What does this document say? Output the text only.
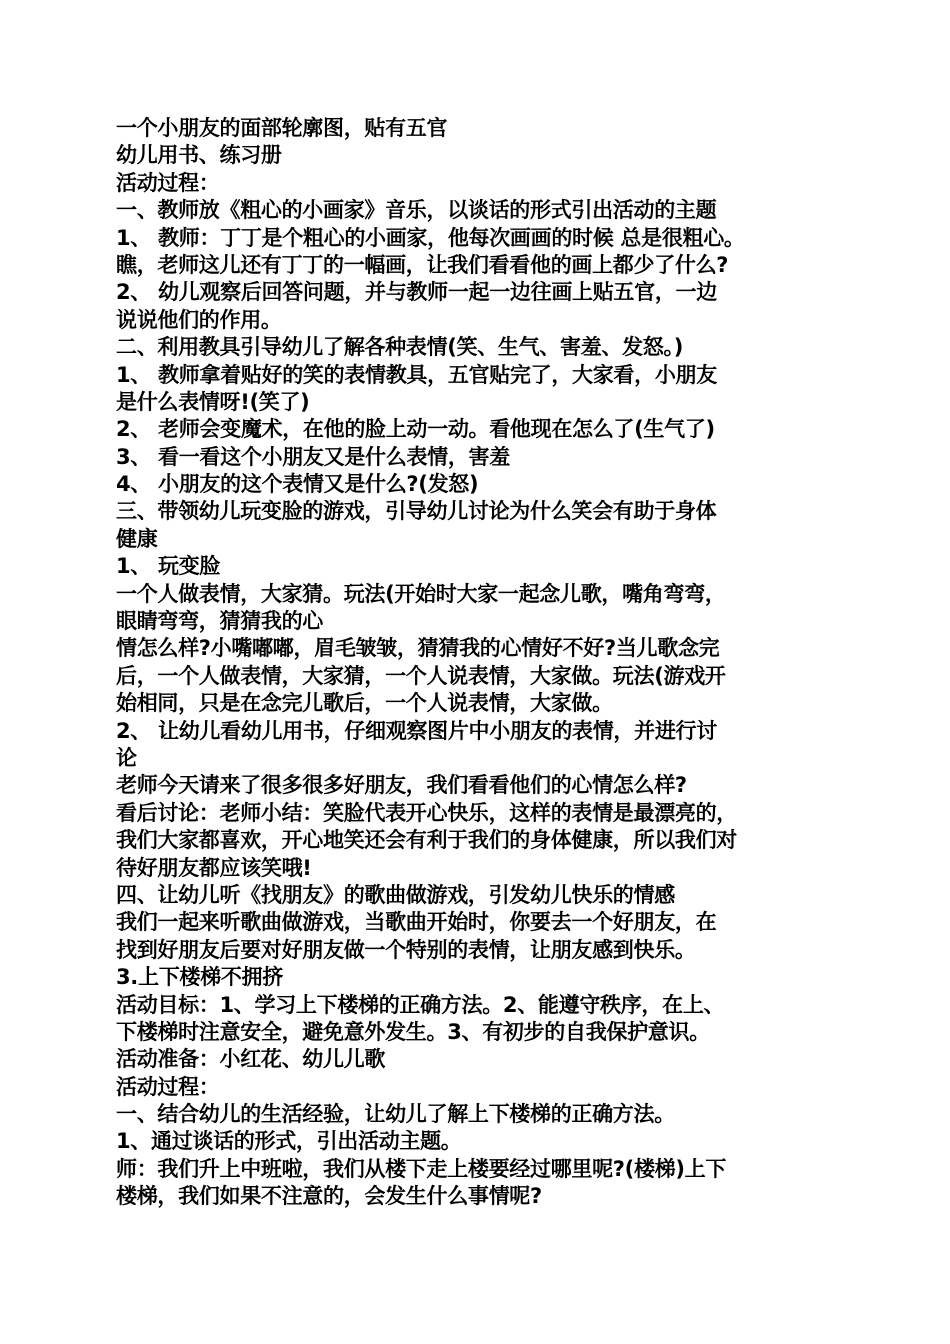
一个小朋友的面部轮廓图，贴有五官
幼儿用书、练习册
活动过程：
一、教师放《粗心的小画家》音乐，以谈话的形式引出活动的主题
1、 教师：丁丁是个粗心的小画家，他每次画画的时候 总是很粗心。
瞧，老师这儿还有丁丁的一幅画，让我们看看他的画上都少了什么?
2、 幼儿观察后回答问题，并与教师一起一边往画上贴五官，一边
说说他们的作用。
二、利用教具引导幼儿了解各种表情(笑、生气、害羞、发怒。)
1、 教师拿着贴好的笑的表情教具，五官贴完了，大家看，小朋友
是什么表情呀!(笑了)
2、 老师会变魔术，在他的脸上动一动。看他现在怎么了(生气了)
3、 看一看这个小朋友又是什么表情，害羞
4、 小朋友的这个表情又是什么?(发怒)
三、带领幼儿玩变脸的游戏，引导幼儿讨论为什么笑会有助于身体
健康
1、 玩变脸
一个人做表情，大家猜。玩法(开始时大家一起念儿歌，嘴角弯弯，
眼睛弯弯，猜猜我的心
情怎么样?小嘴嘟嘟，眉毛皱皱，猜猜我的心情好不好?当儿歌念完
后，一个人做表情，大家猜，一个人说表情，大家做。玩法(游戏开
始相同，只是在念完儿歌后，一个人说表情，大家做。
2、 让幼儿看幼儿用书，仔细观察图片中小朋友的表情，并进行讨
论
老师今天请来了很多很多好朋友，我们看看他们的心情怎么样?
看后讨论：老师小结：笑脸代表开心快乐，这样的表情是最漂亮的，
我们大家都喜欢，开心地笑还会有利于我们的身体健康，所以我们对
待好朋友都应该笑哦!
四、让幼儿听《找朋友》的歌曲做游戏，引发幼儿快乐的情感
我们一起来听歌曲做游戏，当歌曲开始时，你要去一个好朋友，在
找到好朋友后要对好朋友做一个特别的表情，让朋友感到快乐。
3.上下楼梯不拥挤
活动目标：1、学习上下楼梯的正确方法。2、能遵守秩序，在上、
下楼梯时注意安全，避免意外发生。3、有初步的自我保护意识。
活动准备：小红花、幼儿儿歌
活动过程：
一、结合幼儿的生活经验，让幼儿了解上下楼梯的正确方法。
1、通过谈话的形式，引出活动主题。
师：我们升上中班啦，我们从楼下走上楼要经过哪里呢?(楼梯)上下
楼梯，我们如果不注意的，会发生什么事情呢?
